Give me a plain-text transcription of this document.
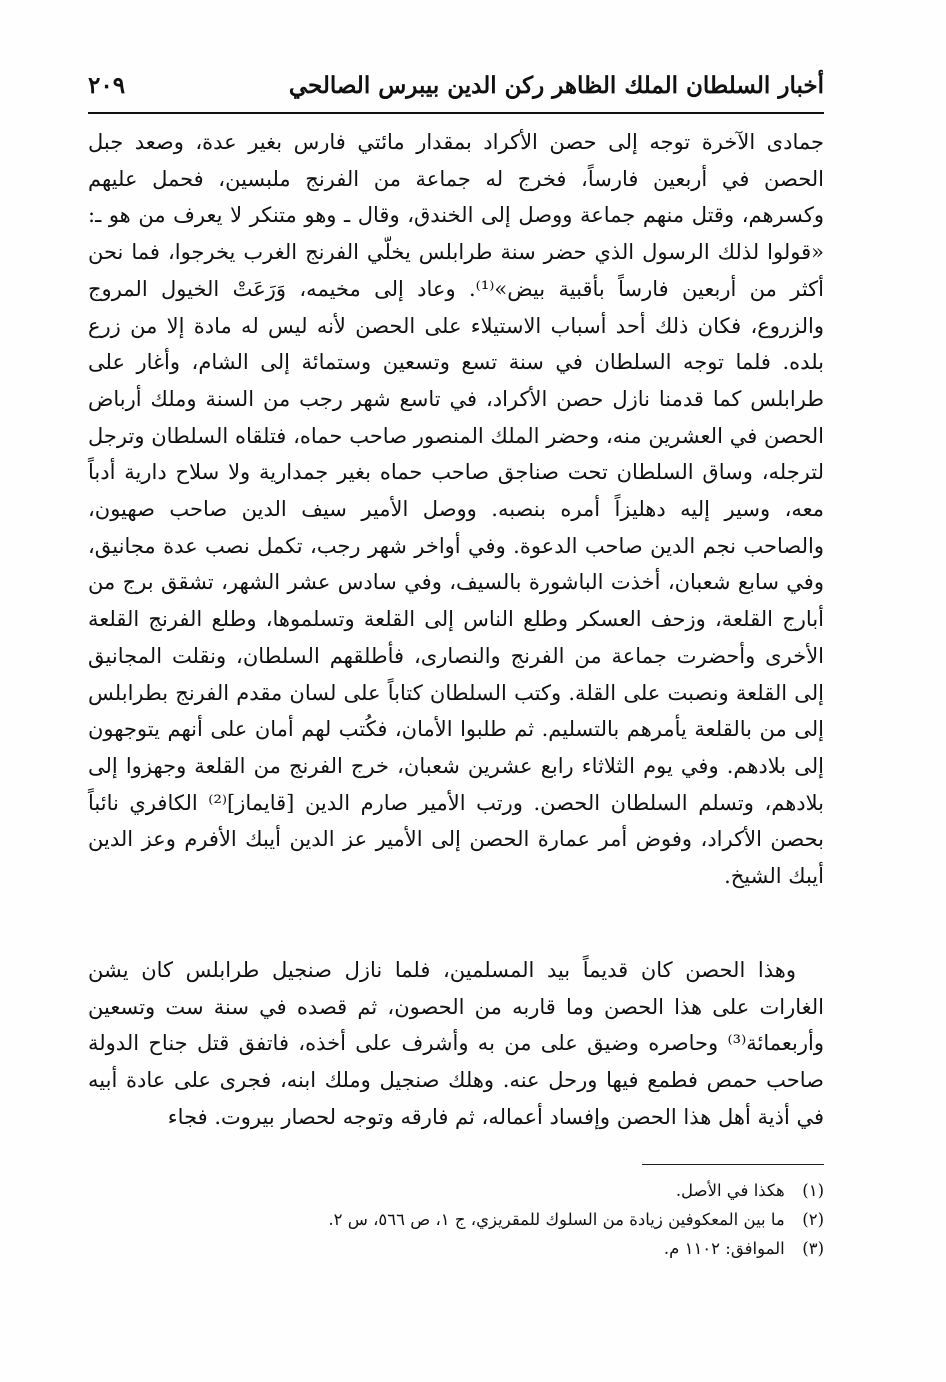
أخبار السلطان الملك الظاهر ركن الدين بيبرس الصالحي
٢٠٩
جمادى الآخرة توجه إلى حصن الأكراد بمقدار مائتي فارس بغير عدة، وصعد جبل الحصن في أربعين فارساً، فخرج له جماعة من الفرنج ملبسين، فحمل عليهم وكسرهم، وقتل منهم جماعة ووصل إلى الخندق، وقال ـ وهو متنكر لا يعرف من هو ـ: «قولوا لذلك الرسول الذي حضر سنة طرابلس يخلّي الفرنج الغرب يخرجوا، فما نحن أكثر من أربعين فارساً بأقبية بيض»⁽¹⁾. وعاد إلى مخيمه، وَرَعَتْ الخيول المروج والزروع، فكان ذلك أحد أسباب الاستيلاء على الحصن لأنه ليس له مادة إلا من زرع بلده. فلما توجه السلطان في سنة تسع وتسعين وستمائة إلى الشام، وأغار على طرابلس كما قدمنا نازل حصن الأكراد، في تاسع شهر رجب من السنة وملك أرباض الحصن في العشرين منه، وحضر الملك المنصور صاحب حماه، فتلقاه السلطان وترجل لترجله، وساق السلطان تحت صناجق صاحب حماه بغير جمدارية ولا سلاح دارية أدباً معه، وسير إليه دهليزاً أمره بنصبه. ووصل الأمير سيف الدين صاحب صهيون، والصاحب نجم الدين صاحب الدعوة. وفي أواخر شهر رجب، تكمل نصب عدة مجانيق، وفي سابع شعبان، أخذت الباشورة بالسيف، وفي سادس عشر الشهر، تشقق برج من أبارج القلعة، وزحف العسكر وطلع الناس إلى القلعة وتسلموها، وطلع الفرنج القلعة الأخرى وأحضرت جماعة من الفرنج والنصارى، فأطلقهم السلطان، ونقلت المجانيق إلى القلعة ونصبت على القلة. وكتب السلطان كتاباً على لسان مقدم الفرنج بطرابلس إلى من بالقلعة يأمرهم بالتسليم. ثم طلبوا الأمان، فكُتب لهم أمان على أنهم يتوجهون إلى بلادهم. وفي يوم الثلاثاء رابع عشرين شعبان، خرج الفرنج من القلعة وجهزوا إلى بلادهم، وتسلم السلطان الحصن. ورتب الأمير صارم الدين [قايماز]⁽²⁾ الكافري نائباً بحصن الأكراد، وفوض أمر عمارة الحصن إلى الأمير عز الدين أيبك الأفرم وعز الدين أيبك الشيخ.
وهذا الحصن كان قديماً بيد المسلمين، فلما نازل صنجيل طرابلس كان يشن الغارات على هذا الحصن وما قاربه من الحصون، ثم قصده في سنة ست وتسعين وأربعمائة⁽³⁾ وحاصره وضيق على من به وأشرف على أخذه، فاتفق قتل جناح الدولة صاحب حمص فطمع فيها ورحل عنه. وهلك صنجيل وملك ابنه، فجرى على عادة أبيه في أذية أهل هذا الحصن وإفساد أعماله، ثم فارقه وتوجه لحصار بيروت. فجاء
(١) هكذا في الأصل.
(٢) ما بين المعكوفين زيادة من السلوك للمقريزي، ج ١، ص ٥٦٦، س ٢.
(٣) الموافق: ١١٠٢ م.
